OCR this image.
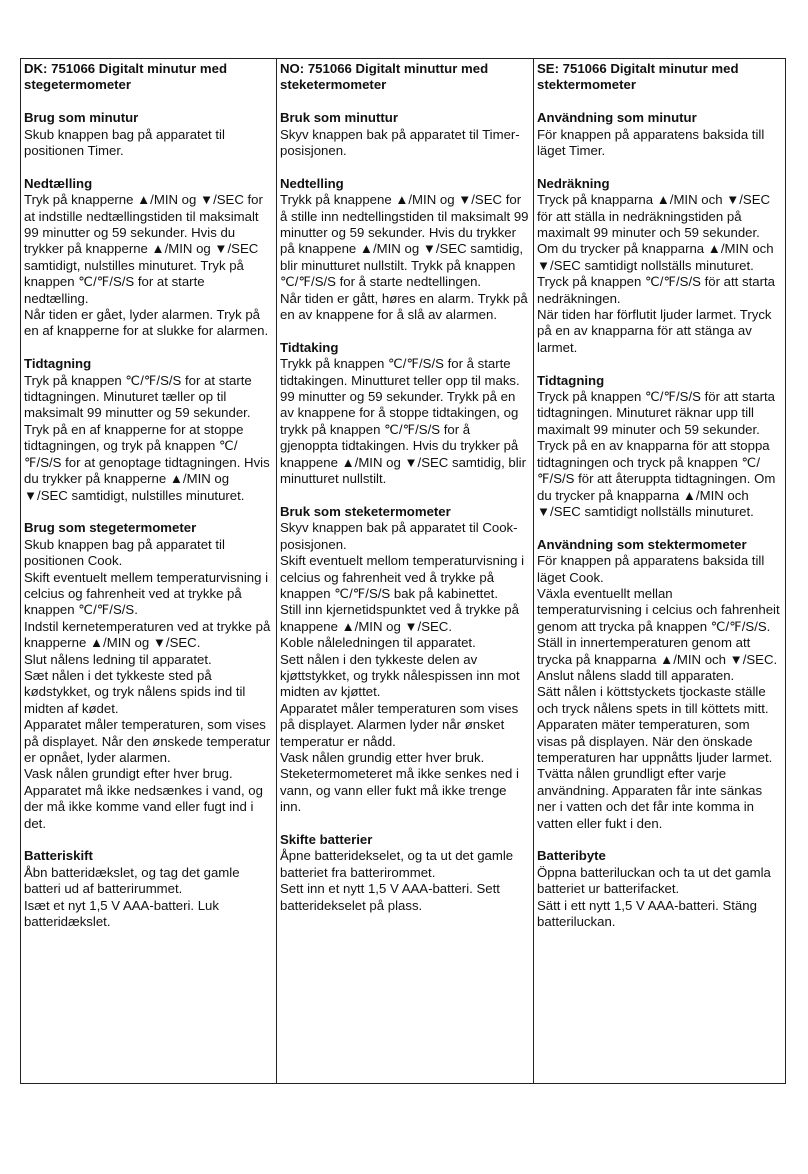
DK: 751066 Digitalt minutur med stegetermometer
Brug som minutur

Skub knappen bag på apparatet til positionen Timer.

Nedtælling

Tryk på knapperne ▲/MIN og ▼/SEC for at indstille nedtællingstiden til maksimalt 99 minutter og 59 sekunder. Hvis du trykker på knapperne ▲/MIN og ▼/SEC samtidigt, nulstilles minuturet. Tryk på knappen ℃/℉/S/S for at starte nedtælling.

Når tiden er gået, lyder alarmen. Tryk på en af knapperne for at slukke for alarmen.

Tidtagning

Tryk på knappen ℃/℉/S/S for at starte tidtagningen. Minuturet tæller op til maksimalt 99 minutter og 59 sekunder. Tryk på en af knapperne for at stoppe tidtagningen, og tryk på knappen ℃/℉/S/S for at genoptage tidtagningen. Hvis du trykker på knapperne ▲/MIN og ▼/SEC samtidigt, nulstilles minuturet.

Brug som stegetermometer

Skub knappen bag på apparatet til positionen Cook.

Skift eventuelt mellem temperaturvisning i celcius og fahrenheit ved at trykke på knappen ℃/℉/S/S.

Indstil kernetemperaturen ved at trykke på knapperne ▲/MIN og ▼/SEC.

Slut nålens ledning til apparatet.

Sæt nålen i det tykkeste sted på kødstykket, og tryk nålens spids ind til midten af kødet.

Apparatet måler temperaturen, som vises på displayet. Når den ønskede temperatur er opnået, lyder alarmen.

Vask nålen grundigt efter hver brug.

Apparatet må ikke nedsænkes i vand, og der må ikke komme vand eller fugt ind i det.

Batteriskift

Åbn batteridækslet, og tag det gamle batteri ud af batterirummet.

Isæt et nyt 1,5 V AAA-batteri. Luk batteridækslet.

NO: 751066 Digitalt minuttur med steketermometer
Bruk som minuttur

Skyv knappen bak på apparatet til Timer-posisjonen.

Nedtelling

Trykk på knappene ▲/MIN og ▼/SEC for å stille inn nedtellingstiden til maksimalt 99 minutter og 59 sekunder. Hvis du trykker på knappene ▲/MIN og ▼/SEC samtidig, blir minutturet nullstilt. Trykk på knappen ℃/℉/S/S for å starte nedtellingen.

Når tiden er gått, høres en alarm. Trykk på en av knappene for å slå av alarmen.

Tidtaking

Trykk på knappen ℃/℉/S/S for å starte tidtakingen. Minutturet teller opp til maks. 99 minutter og 59 sekunder. Trykk på en av knappene for å stoppe tidtakingen, og trykk på knappen ℃/℉/S/S for å gjenoppta tidtakingen. Hvis du trykker på knappene ▲/MIN og ▼/SEC samtidig, blir minutturet nullstilt.

Bruk som steketermometer

Skyv knappen bak på apparatet til Cook-posisjonen.

Skift eventuelt mellom temperaturvisning i celcius og fahrenheit ved å trykke på knappen ℃/℉/S/S bak på kabinettet.

Still inn kjernetidspunktet ved å trykke på knappene ▲/MIN og ▼/SEC.

Koble nåleledningen til apparatet.

Sett nålen i den tykkeste delen av kjøttstykket, og trykk nålespissen inn mot midten av kjøttet.

Apparatet måler temperaturen som vises på displayet. Alarmen lyder når ønsket temperatur er nådd.

Vask nålen grundig etter hver bruk.

Steketermometeret må ikke senkes ned i vann, og vann eller fukt må ikke trenge inn.

Skifte batterier

Åpne batteridekselet, og ta ut det gamle batteriet fra batterirommet.

Sett inn et nytt 1,5 V AAA-batteri. Sett batteridekselet på plass.

SE: 751066 Digitalt minutur med stektermometer
Användning som minutur

För knappen på apparatens baksida till läget Timer.

Nedräkning

Tryck på knapparna ▲/MIN och ▼/SEC för att ställa in nedräkningstiden på maximalt 99 minuter och 59 sekunder. Om du trycker på knapparna ▲/MIN och ▼/SEC samtidigt nollställs minuturet. Tryck på knappen ℃/℉/S/S för att starta nedräkningen.

När tiden har förflutit ljuder larmet. Tryck på en av knapparna för att stänga av larmet.

Tidtagning

Tryck på knappen ℃/℉/S/S för att starta tidtagningen. Minuturet räknar upp till maximalt 99 minuter och 59 sekunder. Tryck på en av knapparna för att stoppa tidtagningen och tryck på knappen ℃/℉/S/S för att återuppta tidtagningen. Om du trycker på knapparna ▲/MIN och ▼/SEC samtidigt nollställs minuturet.

Användning som stektermometer

För knappen på apparatens baksida till läget Cook.

Växla eventuellt mellan temperaturvisning i celcius och fahrenheit genom att trycka på knappen ℃/℉/S/S.

Ställ in innertemperaturen genom att trycka på knapparna ▲/MIN och ▼/SEC.

Anslut nålens sladd till apparaten.

Sätt nålen i köttstyckets tjockaste ställe och tryck nålens spets in till köttets mitt.

Apparaten mäter temperaturen, som visas på displayen. När den önskade temperaturen har uppnåtts ljuder larmet.

Tvätta nålen grundligt efter varje användning. Apparaten får inte sänkas ner i vatten och det får inte komma in vatten eller fukt i den.

Batteribyte

Öppna batteriluckan och ta ut det gamla batteriet ur batterifacket.

Sätt i ett nytt 1,5 V AAA-batteri. Stäng batteriluckan.
